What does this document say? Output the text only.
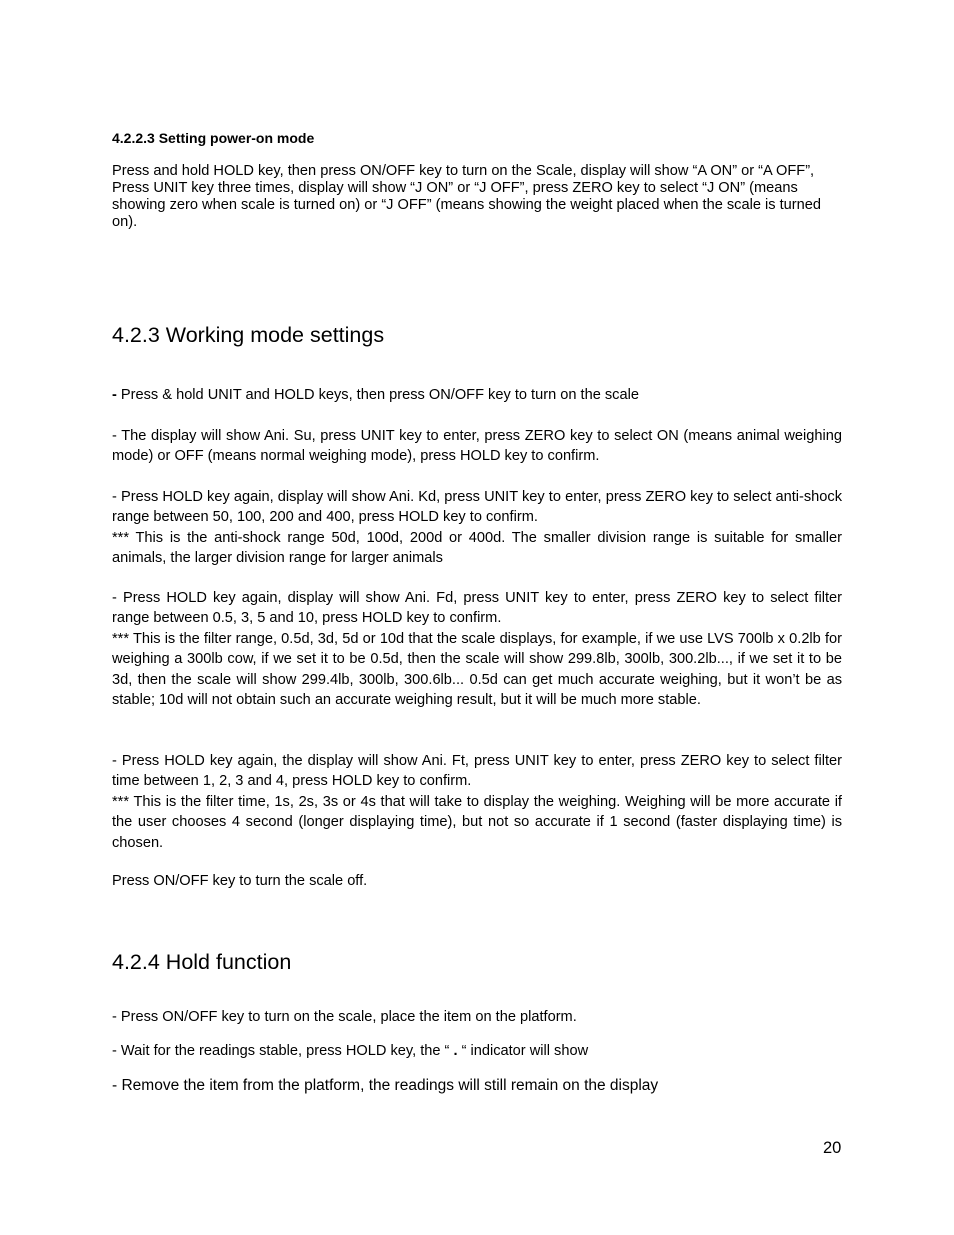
4.2.2.3 Setting power-on mode

Press and hold HOLD key, then press ON/OFF key to turn on the Scale, display will show “A ON” or “A OFF”, Press UNIT key three times, display will show “J ON” or “J OFF”, press ZERO key to select “J ON” (means showing zero when scale is turned on) or “J OFF” (means showing the weight placed when the scale is turned on).

4.2.3 Working mode settings

- Press & hold UNIT and HOLD keys, then press ON/OFF key to turn on the scale

- The display will show Ani. Su, press UNIT key to enter, press ZERO key to select ON (means animal weighing mode) or OFF (means normal weighing mode), press HOLD key to confirm.

- Press HOLD key again, display will show Ani. Kd, press UNIT key to enter, press ZERO key to select anti-shock range between 50, 100, 200 and 400, press HOLD key to confirm.
*** This is the anti-shock range 50d, 100d, 200d or 400d. The smaller division range is suitable for smaller animals, the larger division range for larger animals
- Press HOLD key again, display will show Ani. Fd, press UNIT key to enter, press ZERO key to select filter range between 0.5, 3, 5 and 10, press HOLD key to confirm.
*** This is the filter range, 0.5d, 3d, 5d or 10d that the scale displays, for example, if we use LVS 700lb x 0.2lb for weighing a 300lb cow, if we set it to be 0.5d, then the scale will show 299.8lb, 300lb, 300.2lb..., if we set it to be 3d, then the scale will show 299.4lb, 300lb, 300.6lb... 0.5d can get much accurate weighing, but it won’t be as stable; 10d will not obtain such an accurate weighing result, but it will be much more stable.
- Press HOLD key again, the display will show Ani. Ft, press UNIT key to enter, press ZERO key to select filter time between 1, 2, 3 and 4, press HOLD key to confirm.
*** This is the filter time, 1s, 2s, 3s or 4s that will take to display the weighing. Weighing will be more accurate if the user chooses 4 second (longer displaying time), but not so accurate if 1 second (faster displaying time) is chosen.

Press ON/OFF key to turn the scale off.

4.2.4 Hold function

- Press ON/OFF key to turn on the scale, place the item on the platform.

- Wait for the readings stable, press HOLD key, the “ . “ indicator will show

- Remove the item from the platform, the readings will still remain on the display

20
